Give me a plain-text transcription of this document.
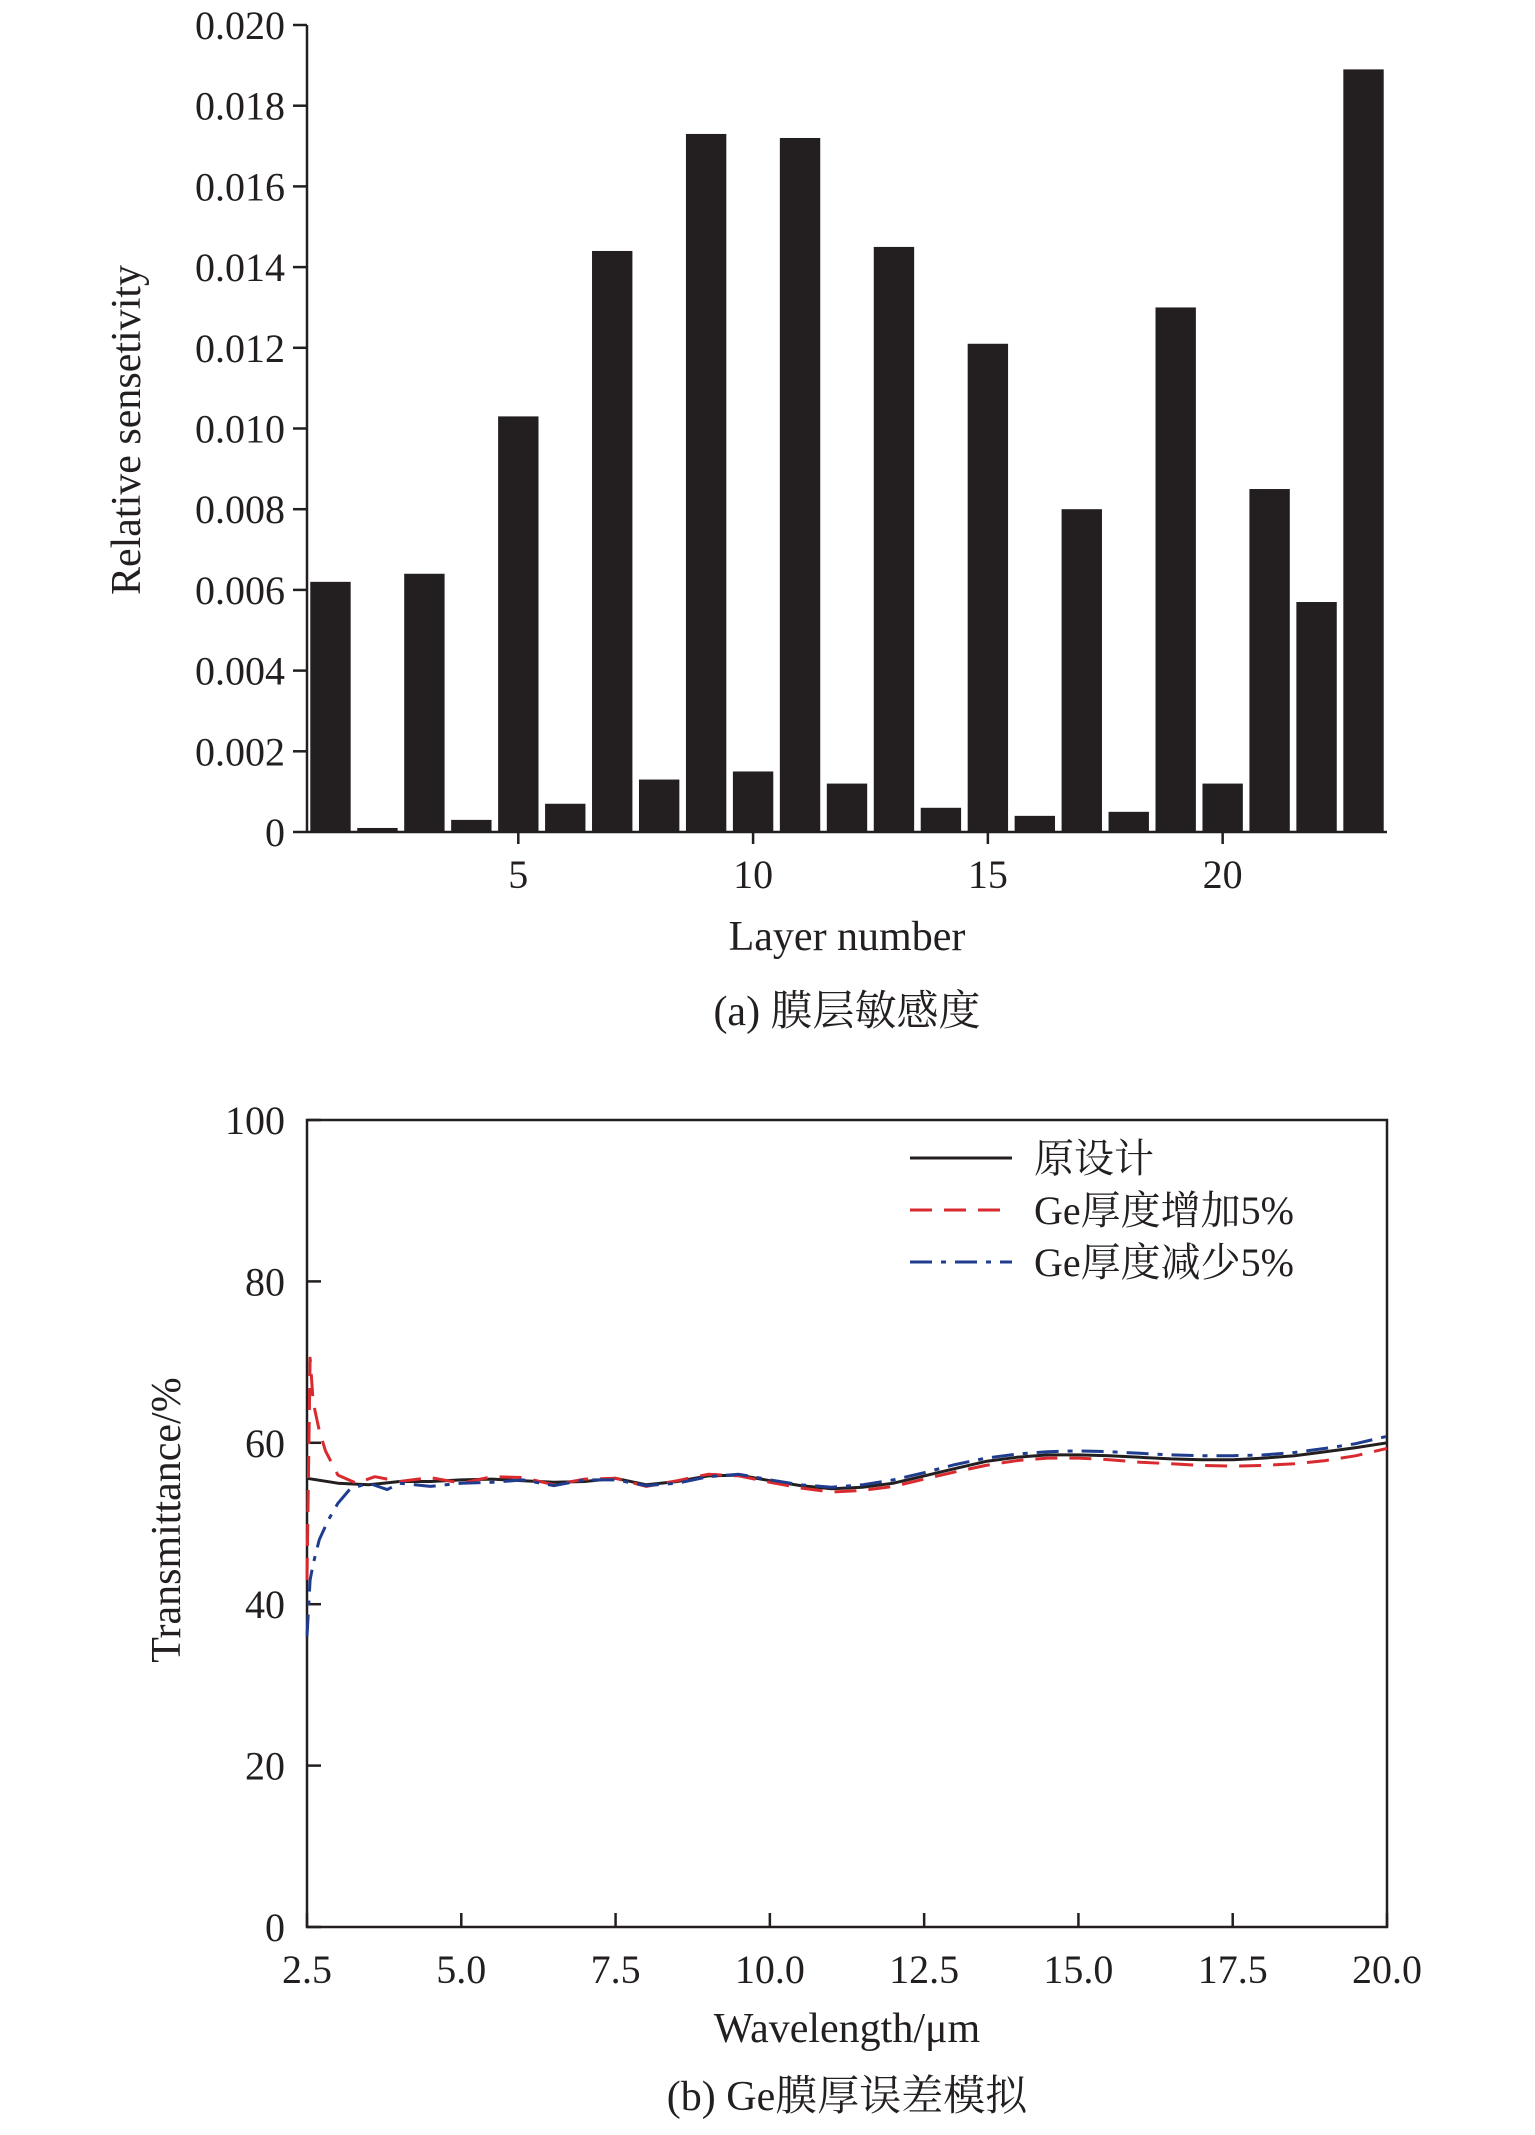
0
0.002
0.004
0.006
0.008
0.010
0.012
0.014
0.016
0.018
0.020
5	10	15	20
Relative sensetivity
Layer number
(a) 膜层敏感度
0
20
40
60
80
100
2.5	5.0	7.5 10.0 12.5 15.0 17.5 20.0
原设计
Ge厚度增加5%
Ge厚度减少5%
Transmittance/%
Wavelength/μm
(b) Ge膜厚误差模拟
